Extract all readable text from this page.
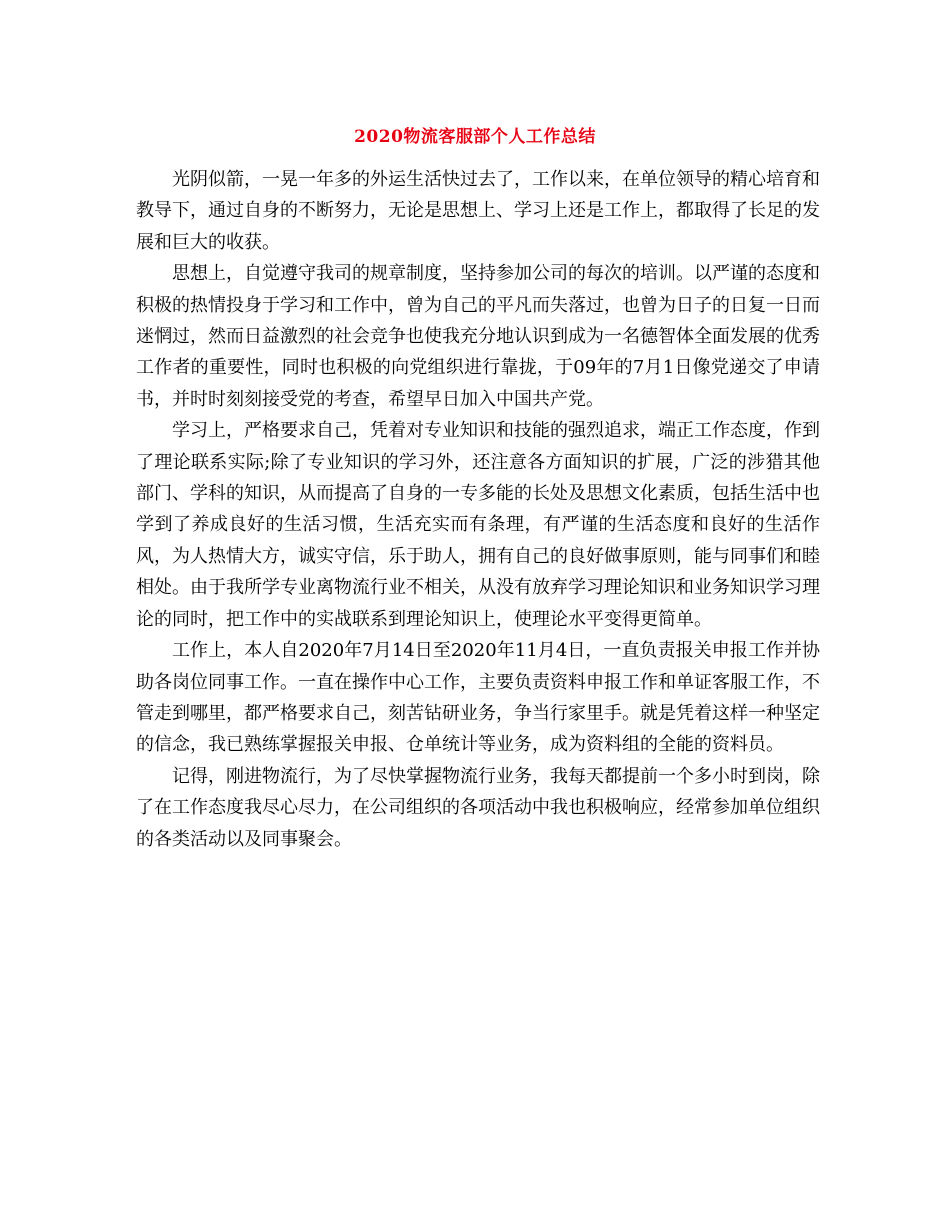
2020物流客服部个人工作总结

光阴似箭，一晃一年多的外运生活快过去了，工作以来，在单位领导的精心培育和教导下，通过自身的不断努力，无论是思想上、学习上还是工作上，都取得了长足的发展和巨大的收获。

思想上，自觉遵守我司的规章制度，坚持参加公司的每次的培训。以严谨的态度和积极的热情投身于学习和工作中，曾为自己的平凡而失落过，也曾为日子的日复一日而迷惘过，然而日益激烈的社会竞争也使我充分地认识到成为一名德智体全面发展的优秀工作者的重要性，同时也积极的向党组织进行靠拢，于09年的7月1日像党递交了申请书，并时时刻刻接受党的考查，希望早日加入中国共产党。

学习上，严格要求自己，凭着对专业知识和技能的强烈追求，端正工作态度，作到了理论联系实际;除了专业知识的学习外，还注意各方面知识的扩展，广泛的涉猎其他部门、学科的知识，从而提高了自身的一专多能的长处及思想文化素质，包括生活中也学到了养成良好的生活习惯，生活充实而有条理，有严谨的生活态度和良好的生活作风，为人热情大方，诚实守信，乐于助人，拥有自己的良好做事原则，能与同事们和睦相处。由于我所学专业离物流行业不相关，从没有放弃学习理论知识和业务知识学习理论的同时，把工作中的实战联系到理论知识上，使理论水平变得更简单。

工作上，本人自2020年7月14日至2020年11月4日，一直负责报关申报工作并协助各岗位同事工作。一直在操作中心工作，主要负责资料申报工作和单证客服工作，不管走到哪里，都严格要求自己，刻苦钻研业务，争当行家里手。就是凭着这样一种坚定的信念，我已熟练掌握报关申报、仓单统计等业务，成为资料组的全能的资料员。

记得，刚进物流行，为了尽快掌握物流行业务，我每天都提前一个多小时到岗，除了在工作态度我尽心尽力，在公司组织的各项活动中我也积极响应，经常参加单位组织的各类活动以及同事聚会。
